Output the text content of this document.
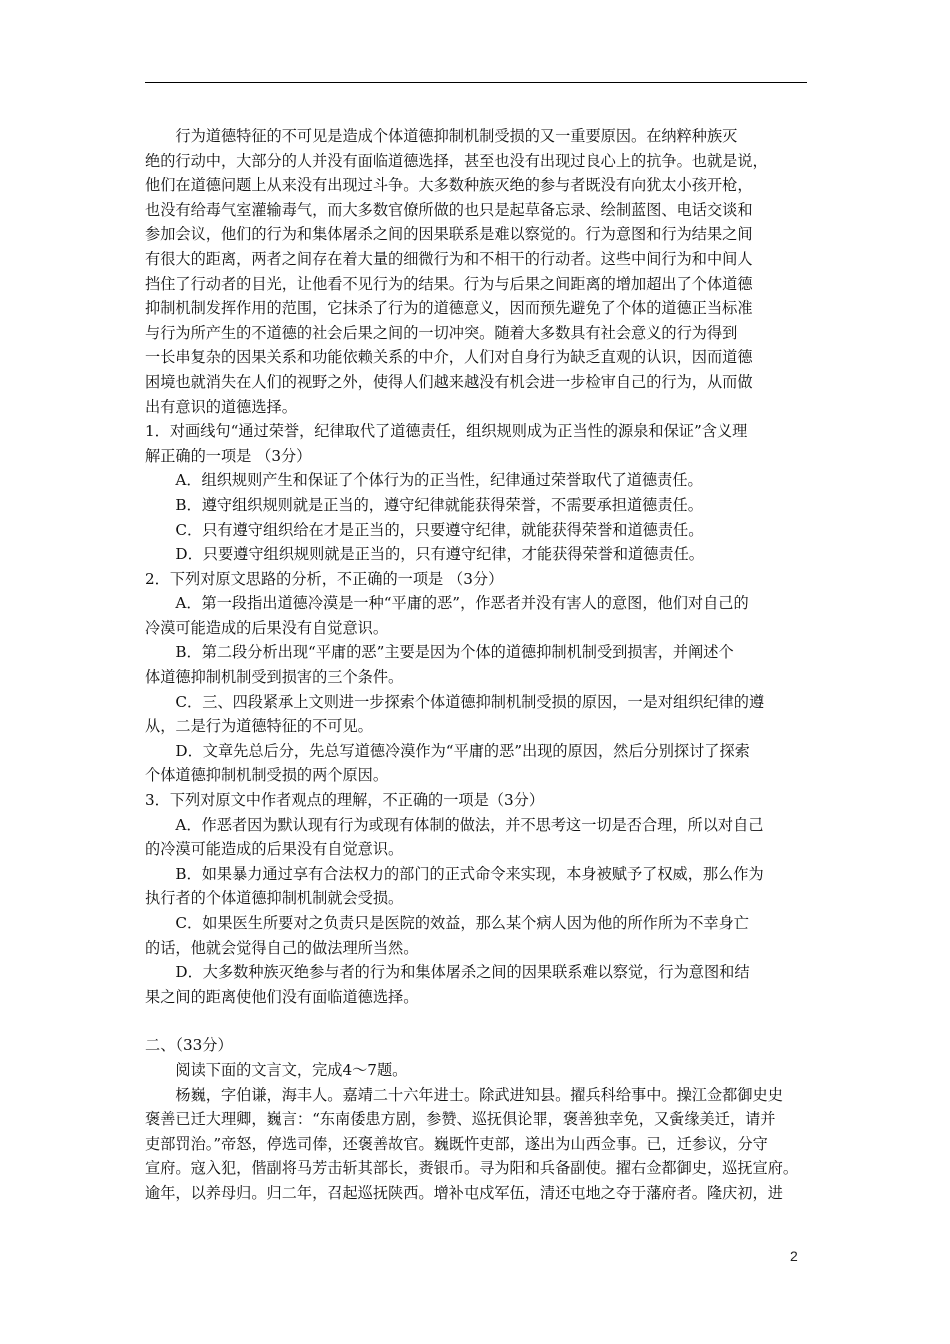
行为道德特征的不可见是造成个体道德抑制机制受损的又一重要原因。在纳粹种族灭
绝的行动中，大部分的人并没有面临道德选择，甚至也没有出现过良心上的抗争。也就是说，
他们在道德问题上从来没有出现过斗争。大多数种族灭绝的参与者既没有向犹太小孩开枪，
也没有给毒气室灌输毒气，而大多数官僚所做的也只是起草备忘录、绘制蓝图、电话交谈和
参加会议，他们的行为和集体屠杀之间的因果联系是难以察觉的。行为意图和行为结果之间
有很大的距离，两者之间存在着大量的细微行为和不相干的行动者。这些中间行为和中间人
挡住了行动者的目光，让他看不见行为的结果。行为与后果之间距离的增加超出了个体道德
抑制机制发挥作用的范围，它抹杀了行为的道德意义，因而预先避免了个体的道德正当标准
与行为所产生的不道德的社会后果之间的一切冲突。随着大多数具有社会意义的行为得到
一长串复杂的因果关系和功能依赖关系的中介，人们对自身行为缺乏直观的认识，因而道德
困境也就消失在人们的视野之外，使得人们越来越没有机会进一步检审自己的行为，从而做
出有意识的道德选择。
1．对画线句“通过荣誉，纪律取代了道德责任，组织规则成为正当性的源泉和保证”含义理
解正确的一项是 （3分）
A．组织规则产生和保证了个体行为的正当性，纪律通过荣誉取代了道德责任。
B．遵守组织规则就是正当的，遵守纪律就能获得荣誉，不需要承担道德责任。
C．只有遵守组织给在才是正当的，只要遵守纪律，就能获得荣誉和道德责任。
D．只要遵守组织规则就是正当的，只有遵守纪律，才能获得荣誉和道德责任。
2．下列对原文思路的分析，不正确的一项是 （3分）
A．第一段指出道德冷漠是一种“平庸的恶”，作恶者并没有害人的意图，他们对自己的
冷漠可能造成的后果没有自觉意识。
B．第二段分析出现“平庸的恶”主要是因为个体的道德抑制机制受到损害，并阐述个
体道德抑制机制受到损害的三个条件。
C．三、四段紧承上文则进一步探索个体道德抑制机制受损的原因，一是对组织纪律的遵
从，二是行为道德特征的不可见。
D．文章先总后分，先总写道德冷漠作为“平庸的恶”出现的原因，然后分别探讨了探索
个体道德抑制机制受损的两个原因。
3．下列对原文中作者观点的理解，不正确的一项是（3分）
A．作恶者因为默认现有行为或现有体制的做法，并不思考这一切是否合理，所以对自己
的冷漠可能造成的后果没有自觉意识。
B．如果暴力通过享有合法权力的部门的正式命令来实现，本身被赋予了权威，那么作为
执行者的个体道德抑制机制就会受损。
C．如果医生所要对之负责只是医院的效益，那么某个病人因为他的所作所为不幸身亡
的话，他就会觉得自己的做法理所当然。
D．大多数种族灭绝参与者的行为和集体屠杀之间的因果联系难以察觉，行为意图和结
果之间的距离使他们没有面临道德选择。

二、（33分）

阅读下面的文言文，完成4～7题。

杨巍，字伯谦，海丰人。嘉靖二十六年进士。除武进知县。擢兵科给事中。操江佥都御史史
褒善已迁大理卿，巍言：“东南倭患方剧，参赞、巡抚俱论罪，褒善独幸免，又夤缘美迁，请并
吏部罚治。”帝怒，停选司俸，还褒善故官。巍既忤吏部，遂出为山西佥事。已，迁参议，分守
宣府。寇入犯，偕副将马芳击斩其部长，赉银币。寻为阳和兵备副使。擢右佥都御史，巡抚宣府。
逾年，以养母归。归二年，召起巡抚陕西。增补屯戍军伍，清还屯地之夺于藩府者。隆庆初，进
2
